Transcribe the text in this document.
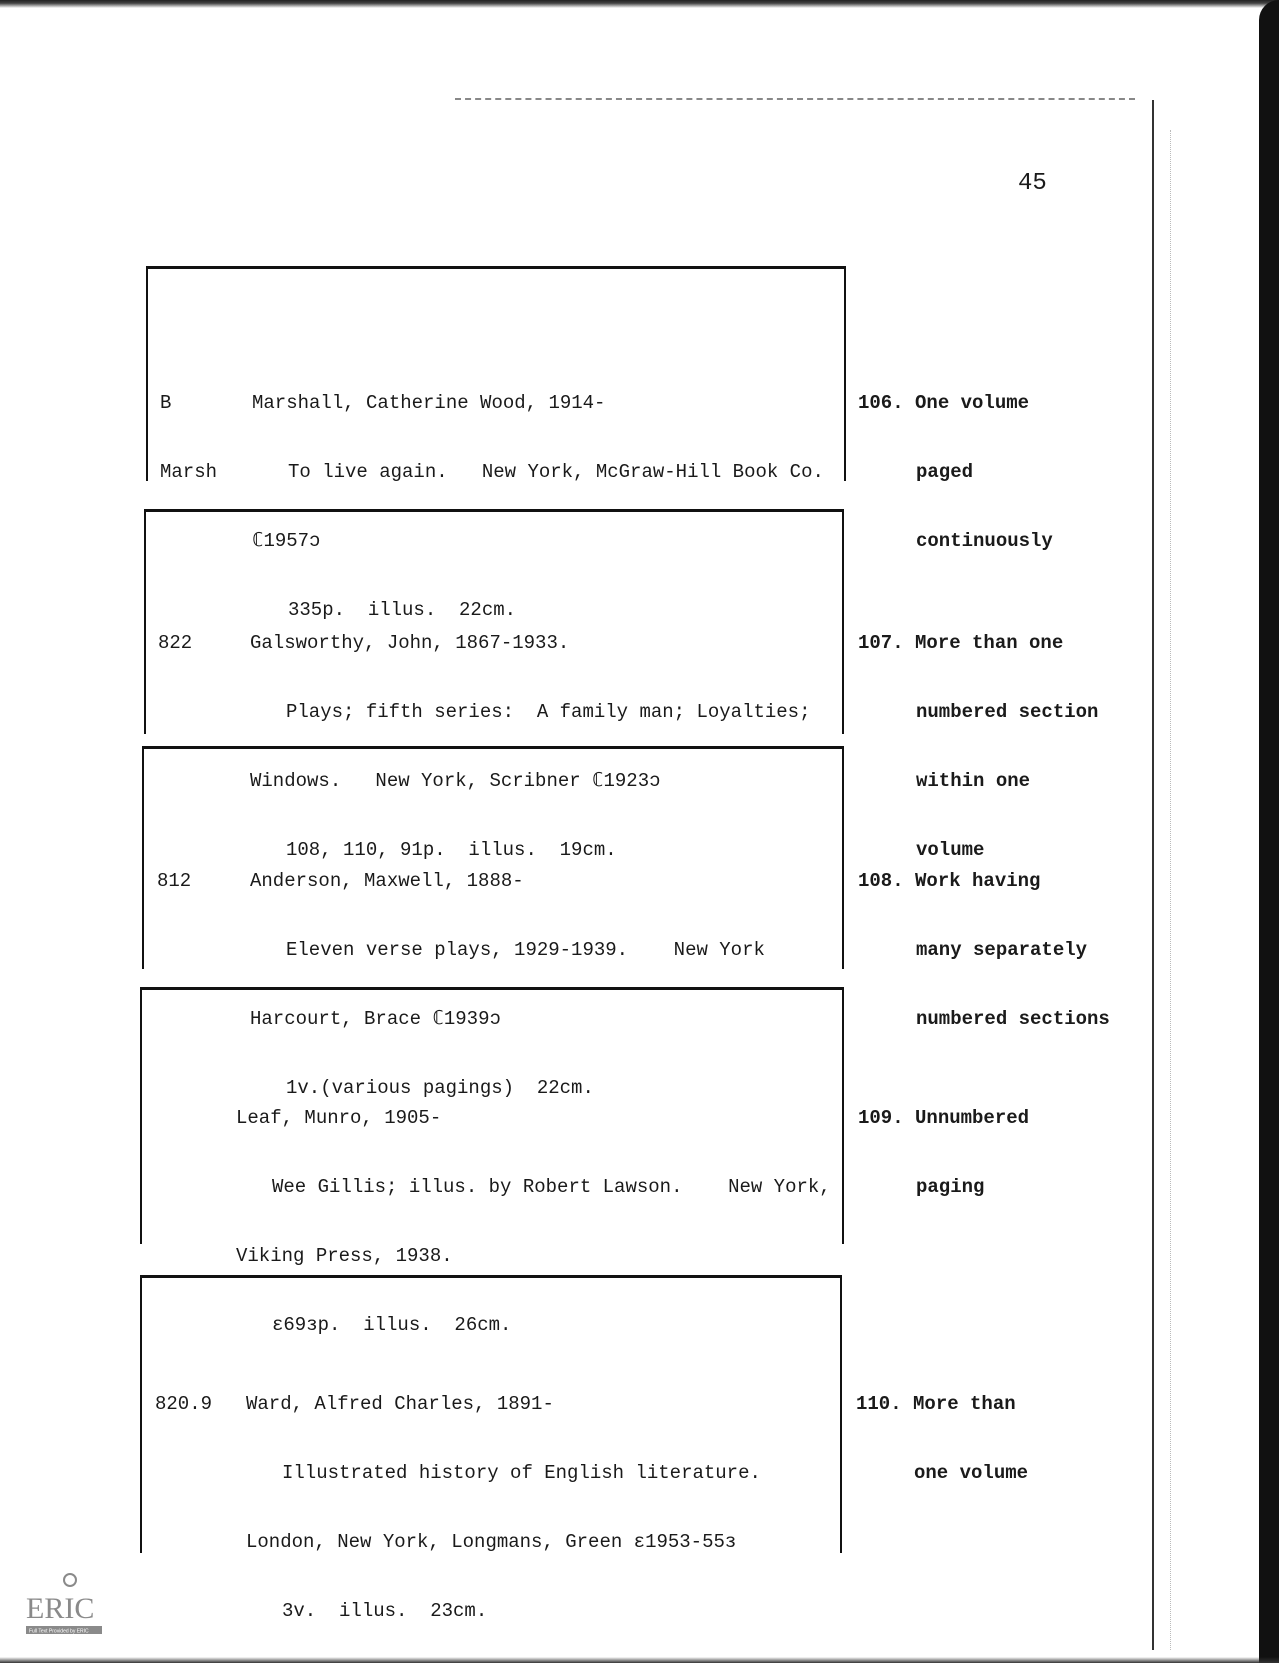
45

B

Marsh

Marshall, Catherine Wood, 1914-

To live again.   New York, McGraw-Hill Book Co.

ℂ1957ɔ

335p.  illus.  22cm.

106. One volume

paged

continuously

822

	Galsworthy, John, 1867-1933.

Plays; fifth series:  A family man; Loyalties;

Windows.   New York, Scribner ℂ1923ɔ

108, 110, 91p.  illus.  19cm.

107. More than one

numbered section

within one

volume

812

	Anderson, Maxwell, 1888-

Eleven verse plays, 1929-1939.    New York

Harcourt, Brace ℂ1939ɔ

1v.(various pagings)  22cm.

108. Work having

many separately

numbered sections

Leaf, Munro, 1905-

Wee Gillis; illus. by Robert Lawson.    New York,

Viking Press, 1938.

ɛ69ɜp.  illus.  26cm.

109. Unnumbered

paging

820.9

Ward, Alfred Charles, 1891-

Illustrated history of English literature.

London, New York, Longmans, Green ɛ1953-55ɜ

3v.  illus.  23cm.

110. More than

one volume

ERIC
Full Text Provided by ERIC
